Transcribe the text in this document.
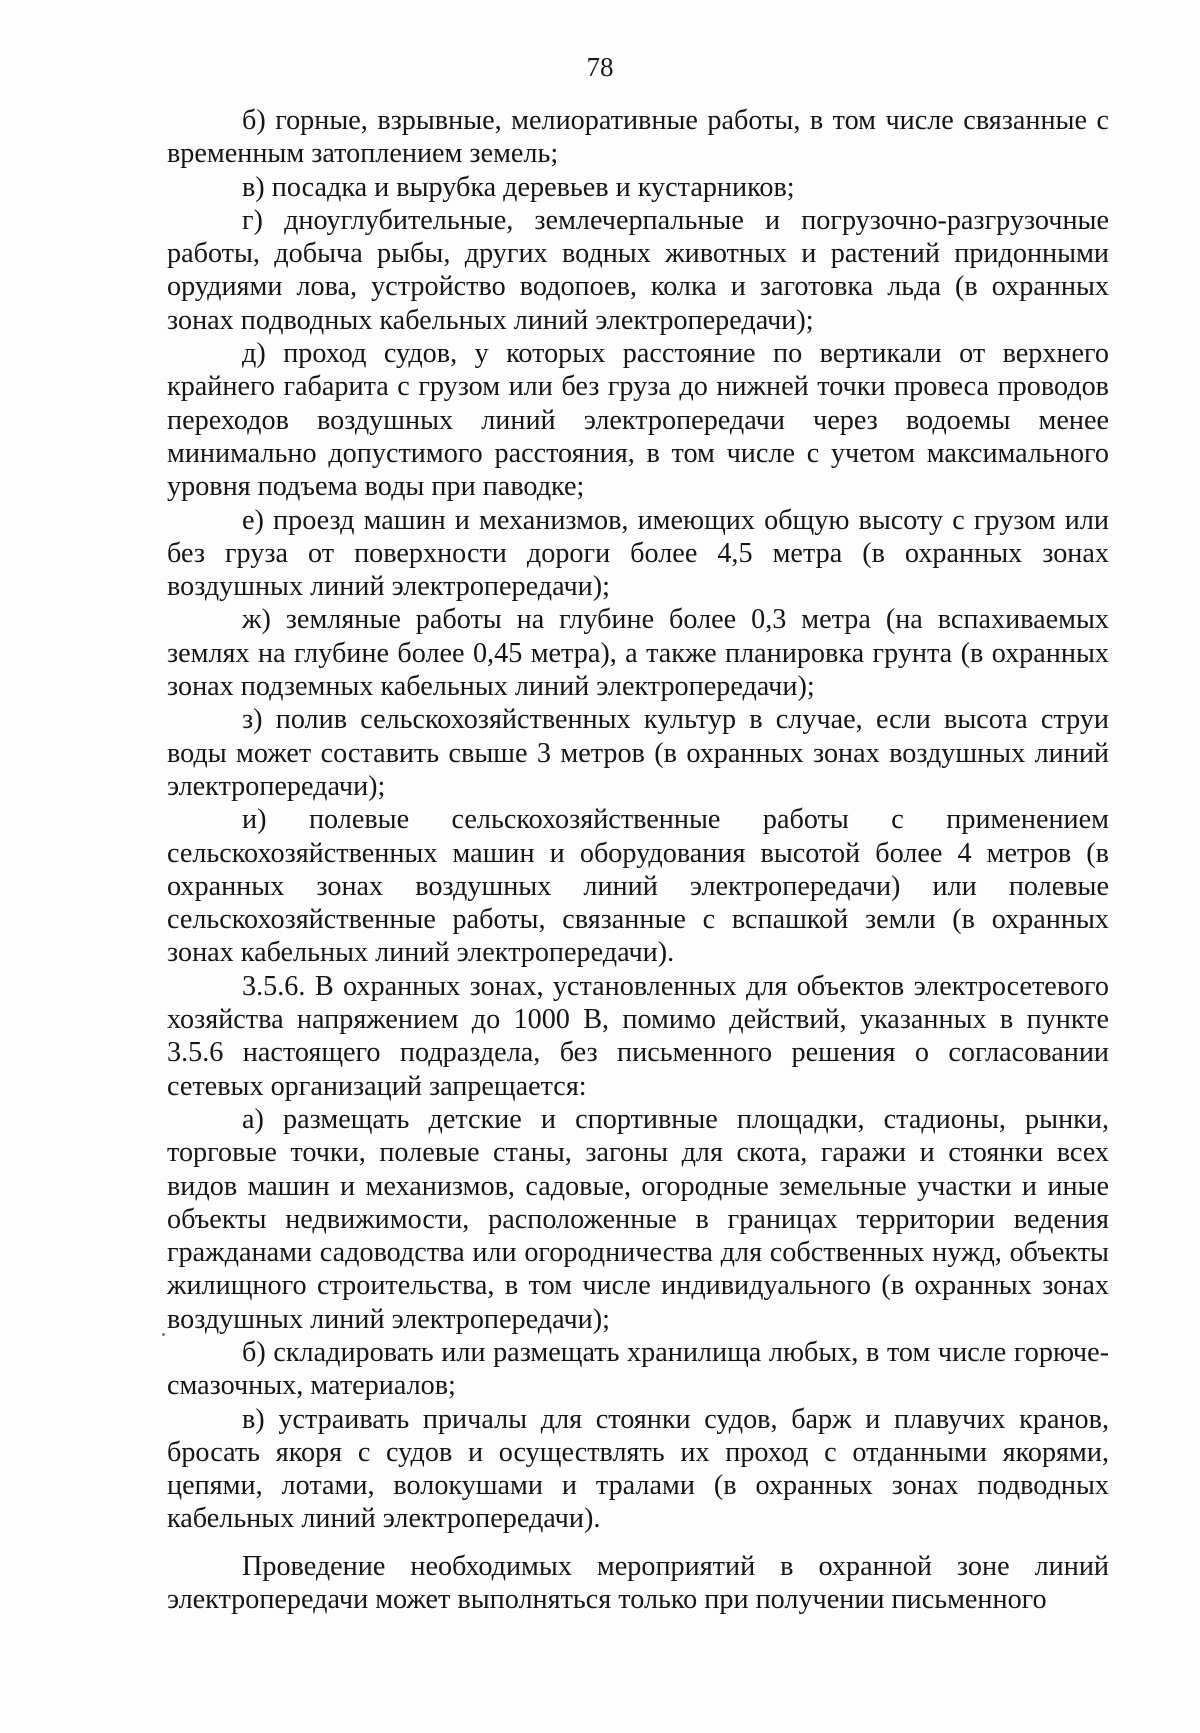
78

б) горные, взрывные, мелиоративные работы, в том числе связанные с временным затоплением земель;

в) посадка и вырубка деревьев и кустарников;

г) дноуглубительные, землечерпальные и погрузочно-разгрузочные работы, добыча рыбы, других водных животных и растений придонными орудиями лова, устройство водопоев, колка и заготовка льда (в охранных зонах подводных кабельных линий электропередачи);

д) проход судов, у которых расстояние по вертикали от верхнего крайнего габарита с грузом или без груза до нижней точки провеса проводов переходов воздушных линий электропередачи через водоемы менее минимально допустимого расстояния, в том числе с учетом максимального уровня подъема воды при паводке;

е) проезд машин и механизмов, имеющих общую высоту с грузом или без груза от поверхности дороги более 4,5 метра (в охранных зонах воздушных линий электропередачи);

ж) земляные работы на глубине более 0,3 метра (на вспахиваемых землях на глубине более 0,45 метра), а также планировка грунта (в охранных зонах подземных кабельных линий электропередачи);

з) полив сельскохозяйственных культур в случае, если высота струи воды может составить свыше 3 метров (в охранных зонах воздушных линий электропередачи);

и) полевые сельскохозяйственные работы с применением сельскохозяйственных машин и оборудования высотой более 4 метров (в охранных зонах воздушных линий электропередачи) или полевые сельскохозяйственные работы, связанные с вспашкой земли (в охранных зонах кабельных линий электропередачи).

3.5.6. В охранных зонах, установленных для объектов электросетевого хозяйства напряжением до 1000 В, помимо действий, указанных в пункте 3.5.6 настоящего подраздела, без письменного решения о согласовании сетевых организаций запрещается:

а) размещать детские и спортивные площадки, стадионы, рынки, торговые точки, полевые станы, загоны для скота, гаражи и стоянки всех видов машин и механизмов, садовые, огородные земельные участки и иные объекты недвижимости, расположенные в границах территории ведения гражданами садоводства или огородничества для собственных нужд, объекты жилищного строительства, в том числе индивидуального (в охранных зонах воздушных линий электропередачи);

б) складировать или размещать хранилища любых, в том числе горюче-смазочных, материалов;

в) устраивать причалы для стоянки судов, барж и плавучих кранов, бросать якоря с судов и осуществлять их проход с отданными якорями, цепями, лотами, волокушами и тралами (в охранных зонах подводных кабельных линий электропередачи).

Проведение необходимых мероприятий в охранной зоне линий электропередачи может выполняться только при получении письменного
